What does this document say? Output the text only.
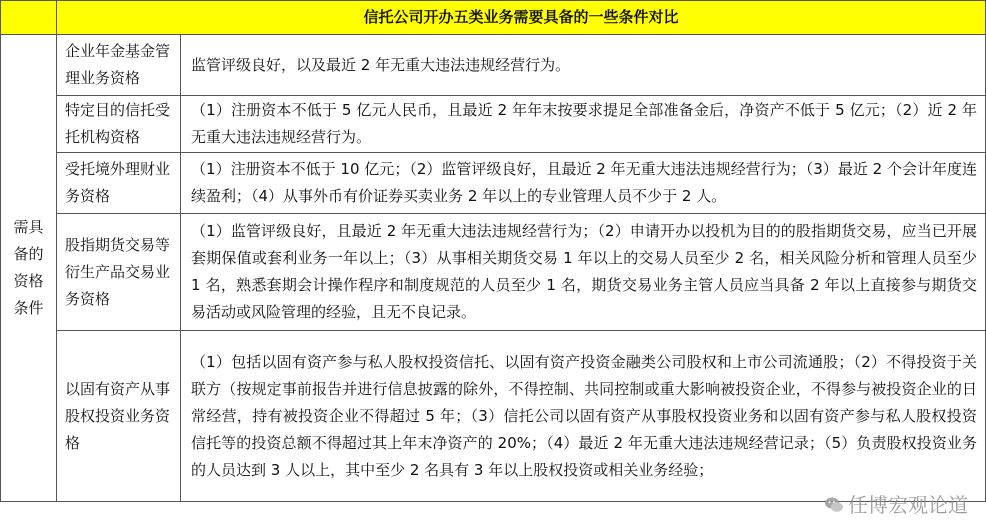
	信托公司开办五类业务需要具备的一些条件对比	
需具备的资格条件	企业年金基金管理业务资格	监管评级良好，以及最近 2 年无重大违法违规经营行为。
	特定目的信托受托机构资格	（1）注册资本不低于 5 亿元人民币，且最近 2 年年末按要求提足全部准备金后，净资产不低于 5 亿元；（2）近 2 年无重大违法违规经营行为。
	受托境外理财业务资格	（1）注册资本不低于 10 亿元；（2）监管评级良好，且最近 2 年无重大违法违规经营行为；（3）最近 2 个会计年度连续盈利；（4）从事外币有价证券买卖业务 2 年以上的专业管理人员不少于 2 人。
	股指期货交易等衍生产品交易业务资格	（1）监管评级良好，且最近 2 年无重大违法违规经营行为；（2）申请开办以投机为目的的股指期货交易，应当已开展套期保值或套利业务一年以上；（3）从事相关期货交易 1 年以上的交易人员至少 2 名，相关风险分析和管理人员至少 1 名，熟悉套期会计操作程序和制度规范的人员至少 1 名，期货交易业务主管人员应当具备 2 年以上直接参与期货交易活动或风险管理的经验，且无不良记录。
	以固有资产从事股权投资业务资格	（1）包括以固有资产参与私人股权投资信托、以固有资产投资金融类公司股权和上市公司流通股；（2）不得投资于关联方（按规定事前报告并进行信息披露的除外，不得控制、共同控制或重大影响被投资企业，不得参与被投资企业的日常经营，持有被投资企业不得超过 5 年；（3）信托公司以固有资产从事股权投资业务和以固有资产参与私人股权投资信托等的投资总额不得超过其上年末净资产的 20%；（4）最近 2 年无重大违法违规经营记录；（5）负责股权投资业务的人员达到 3 人以上，其中至少 2 名具有 3 年以上股权投资或相关业务经验；
任博宏观论道
